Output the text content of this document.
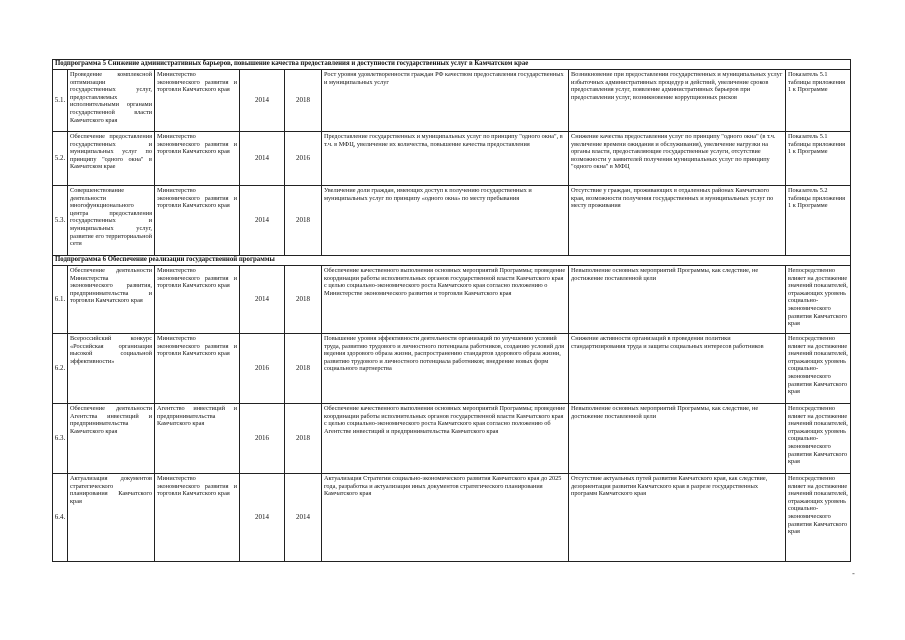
Подпрограмма 5 Снижение административных барьеров, повышение качества предоставления и доступности государственных услуг в Камчатском крае							
5.1.	Проведение комплексной оптимизации государственных услуг, предоставляемых исполнительными органами государственной власти Камчатского края	Министерство экономического развития и торговли Камчатского края	2014	2018	Рост уровня удовлетворенности граждан РФ качеством предоставления государственных и муниципальных услуг	Возникновение при предоставлении государственных и муниципальных услуг избыточных административных процедур и действий, увеличение сроков предоставления услуг, появление административных барьеров при предоставлении услуг, возникновение коррупционных рисков	Показатель 5.1 таблицы приложения 1 к Программе
5.2.	Обеспечение предоставления государственных и муниципальных услуг по принципу "одного окна" в Камчатском крае	Министерство экономического развития и торговли Камчатского края	2014	2016	Предоставление государственных и муниципальных услуг по принципу "одного окна", в т.ч. в МФЦ, увеличение их количества, повышение качества предоставления	Снижение качества предоставления услуг по принципу "одного окна" (в т.ч. увеличение времени ожидания и обслуживания), увеличение нагрузки на органы власти, предоставляющие государственные услуги, отсутствие возможности у заявителей получения муниципальных услуг по принципу "одного окна" в МФЦ	Показатель 5.1 таблицы приложения 1 к Программе
5.3.	Совершенствование деятельности многофункционального центра предоставления государственных и муниципальных услуг, развитие его территориальной сети	Министерство экономического развития и торговли Камчатского края	2014	2018	Увеличение доли граждан, имеющих доступ к получению государственных и муниципальных услуг по принципу «одного окна» по месту пребывания	Отсутствие у граждан, проживающих в отдаленных районах Камчатского края, возможности получения государственных и муниципальных услуг по месту проживания	Показатель 5.2 таблицы приложения 1 к Программе
Подпрограмма 6 Обеспечение реализации государственной программы							
6.1.	Обеспечение деятельности Министерства экономического развития, предпринимательства и торговли Камчатского края	Министерство экономического развития и торговли Камчатского края	2014	2018	Обеспечение качественного выполнения основных мероприятий Программы; проведение координации работы исполнительных органов государственной власти Камчатского края с целью социально-экономического роста Камчатского края согласно положению о Министерстве экономического развития и торговли Камчатского края	Невыполнение основных мероприятий Программы, как следствие, не достижение поставленной цели	Непосредственно влияет на достижение значений показателей, отражающих уровень социально-экономического развития Камчатского края
6.2.	Всероссийский конкурс «Российская организация высокой социальной эффективности»	Министерство экономического развития и торговли Камчатского края	2016	2018	Повышение уровня эффективности деятельности организаций по улучшению условий труда, развитию трудового и личностного потенциала работников, созданию условий для ведения здорового образа жизни, распространению стандартов здорового образа жизни, развитию трудового и личностного потенциала работников; внедрение новых форм социального партнерства	Снижение активности организаций в проведении политики стандартизирования труда и защиты социальных интересов работников	Непосредственно влияет на достижение значений показателей, отражающих уровень социально-экономического развития Камчатского края
6.3.	Обеспечение деятельности Агентства инвестиций и предпринимательства Камчатского края	Агентство инвестиций и предпринимательства Камчатского края	2016	2018	Обеспечение качественного выполнения основных мероприятий Программы; проведение координации работы исполнительных органов государственной власти Камчатского края с целью социально-экономического роста Камчатского края согласно положению об Агентстве инвестиций и предпринимательства Камчатского края	Невыполнение основных мероприятий Программы, как следствие, не достижение поставленной цели	Непосредственно влияет на достижение значений показателей, отражающих уровень социально-экономического развития Камчатского края
6.4.	Актуализация документов стратегического планирования Камчатского края	Министерство экономического развития и торговли Камчатского края	2014	2014	Актуализация Стратегии социально-экономического развития Камчатского края до 2025 года, разработка и актуализация иных документов стратегического планирования Камчатского края	Отсутствие актуальных путей развития Камчатского края, как следствие, дезориентация развития Камчатского края в разрезе государственных программ Камчатского края	Непосредственно влияет на достижение значений показателей, отражающих уровень социально-экономического развития Камчатского края
-
